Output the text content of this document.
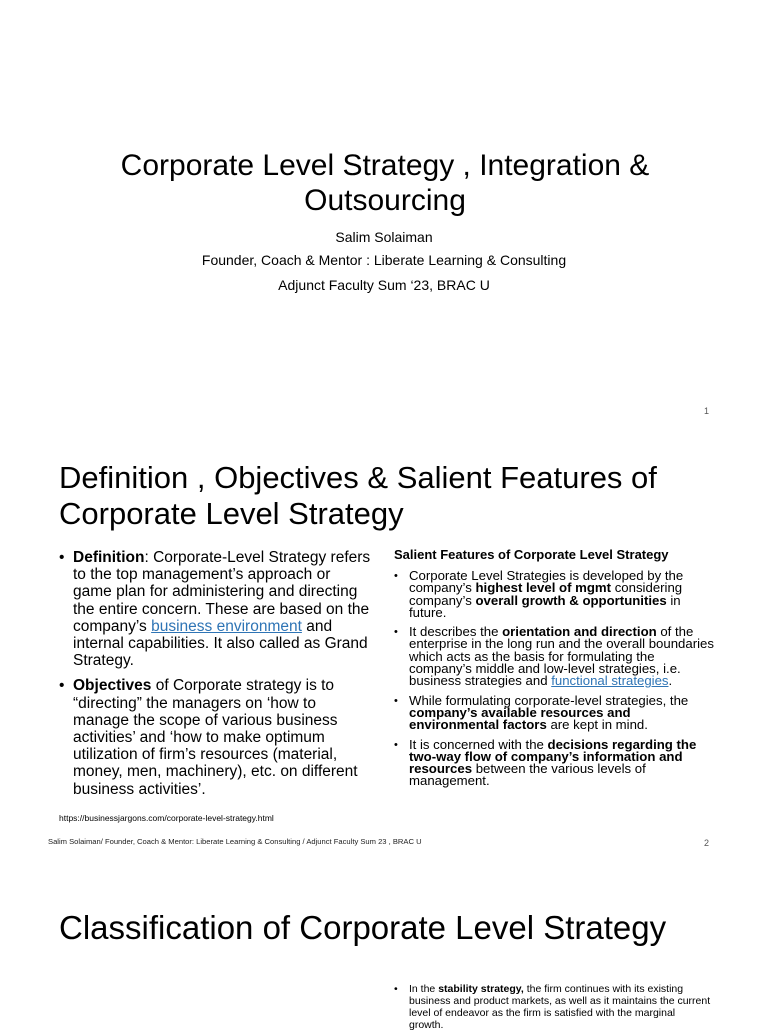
Corporate Level Strategy , Integration & Outsourcing
Salim Solaiman
Founder, Coach & Mentor : Liberate Learning & Consulting
Adjunct Faculty Sum ‘23, BRAC U
1
Definition , Objectives & Salient Features of Corporate Level Strategy
• Definition: Corporate-Level Strategy refers to the top management’s approach or game plan for administering and directing the entire concern. These are based on the company’s business environment and internal capabilities. It also called as Grand Strategy.
• Objectives of Corporate strategy is to “directing” the managers on ‘how to manage the scope of various business activities’ and ‘how to make optimum utilization of firm’s resources (material, money, men, machinery), etc. on different business activities’.
Salient Features of Corporate Level Strategy
• Corporate Level Strategies is developed by the company’s highest level of mgmt considering company’s overall growth & opportunities in future.
• It describes the orientation and direction of the enterprise in the long run and the overall boundaries which acts as the basis for formulating the company’s middle and low-level strategies, i.e. business strategies and functional strategies.
• While formulating corporate-level strategies, the company’s available resources and environmental factors are kept in mind.
• It is concerned with the decisions regarding the two-way flow of company’s information and resources between the various levels of management.
https://businessjargons.com/corporate-level-strategy.html
Salim Solaiman/ Founder, Coach & Mentor: Liberate Learning & Consulting / Adjunct Faculty Sum 23 , BRAC U	2
Classification of Corporate Level Strategy
• In the stability strategy, the firm continues with its existing business and product markets, as well as it maintains the current level of endeavor as the firm is satisfied with the marginal growth.
